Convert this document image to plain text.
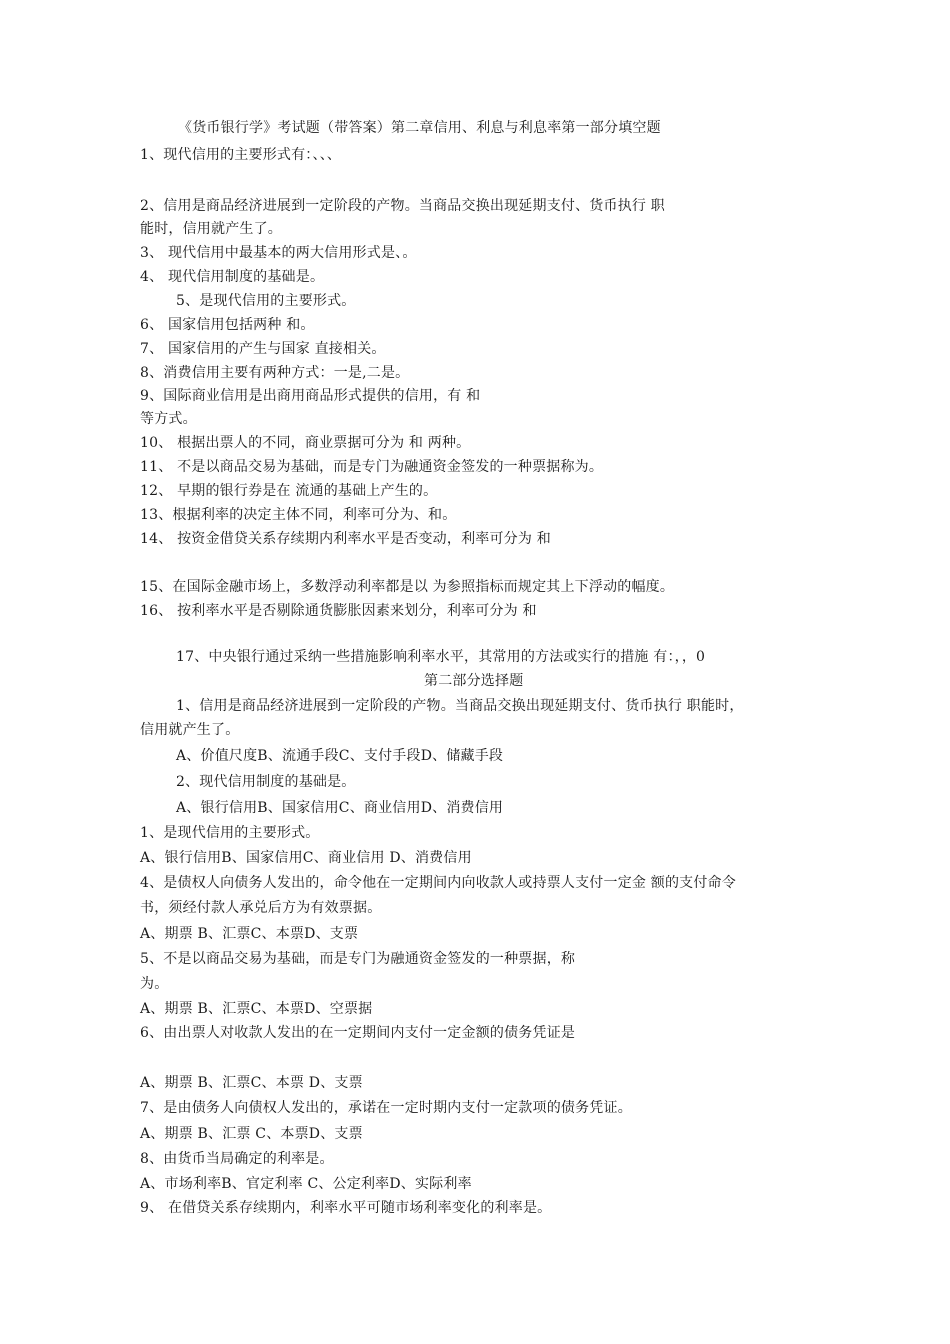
《货币银行学》考试题（带答案）第二章信用、利息与利息率第一部分填空题
1、现代信用的主要形式有：、、、
2、信用是商品经济进展到一定阶段的产物。当商品交换出现延期支付、货币执行 职
能时，信用就产生了。
3、 现代信用中最基本的两大信用形式是、。
4、 现代信用制度的基础是。
5、是现代信用的主要形式。
6、 国家信用包括两种 和。
7、 国家信用的产生与国家 直接相关。
8、消费信用主要有两种方式：一是,二是。
9、国际商业信用是出商用商品形式提供的信用，有 和
等方式。
10、 根据出票人的不同，商业票据可分为 和 两种。
11、 不是以商品交易为基础，而是专门为融通资金签发的一种票据称为。
12、 早期的银行券是在 流通的基础上产生的。
13、根据利率的决定主体不同，利率可分为、和。
14、 按资金借贷关系存续期内利率水平是否变动，利率可分为 和
15、在国际金融市场上，多数浮动利率都是以 为参照指标而规定其上下浮动的幅度。
16、 按利率水平是否剔除通货膨胀因素来划分，利率可分为 和
17、中央银行通过采纳一些措施影响利率水平，其常用的方法或实行的措施 有：，，0
第二部分选择题
1、信用是商品经济进展到一定阶段的产物。当商品交换出现延期支付、货币执行 职能时，
信用就产生了。
A、价值尺度B、流通手段C、支付手段D、储藏手段
2、现代信用制度的基础是。
A、银行信用B、国家信用C、商业信用D、消费信用
1、是现代信用的主要形式。
A、银行信用B、国家信用C、商业信用 D、消费信用
4、是债权人向债务人发出的，命令他在一定期间内向收款人或持票人支付一定金 额的支付命令
书，须经付款人承兑后方为有效票据。
A、期票 B、汇票C、本票D、支票
5、不是以商品交易为基础，而是专门为融通资金签发的一种票据，称
为。
A、期票 B、汇票C、本票D、空票据
6、由出票人对收款人发出的在一定期间内支付一定金额的债务凭证是
A、期票 B、汇票C、本票 D、支票
7、是由债务人向债权人发出的，承诺在一定时期内支付一定款项的债务凭证。
A、期票 B、汇票 C、本票D、支票
8、由货币当局确定的利率是。
A、市场利率B、官定利率 C、公定利率D、实际利率
9、 在借贷关系存续期内，利率水平可随市场利率变化的利率是。
